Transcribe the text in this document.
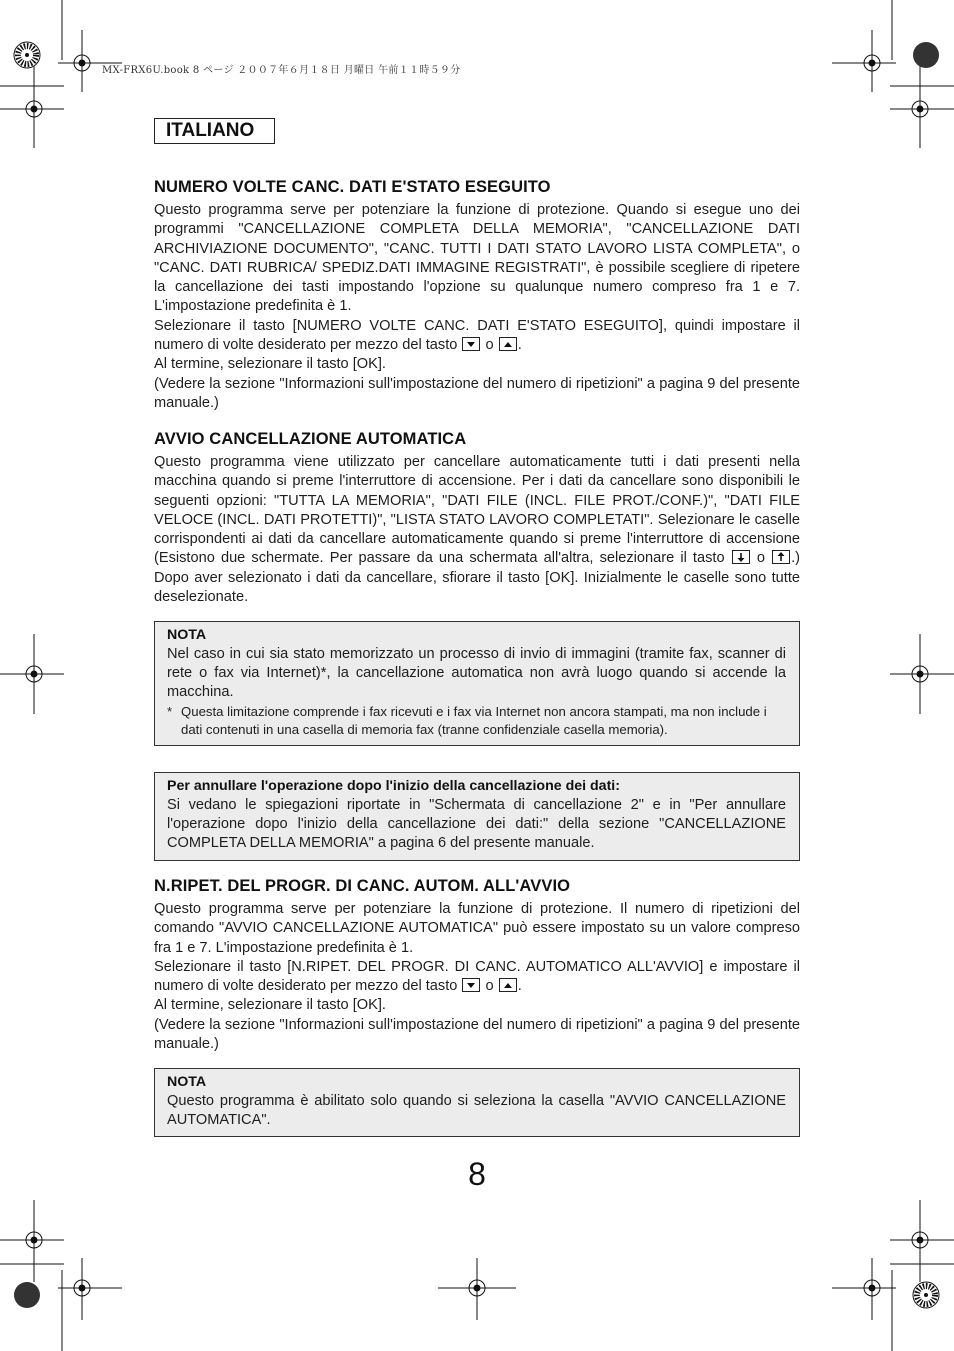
MX-FRX6U.book 8 ページ ２００７年６月１８日 月曜日 午前１１時５９分
ITALIANO
NUMERO VOLTE CANC. DATI E'STATO ESEGUITO

Questo programma serve per potenziare la funzione di protezione. Quando si esegue uno dei programmi "CANCELLAZIONE COMPLETA DELLA MEMORIA", "CANCELLAZIONE DATI ARCHIVIAZIONE DOCUMENTO", "CANC. TUTTI I DATI STATO LAVORO LISTA COMPLETA", o "CANC. DATI RUBRICA/ SPEDIZ.DATI IMMAGINE REGISTRATI", è possibile scegliere di ripetere la cancellazione dei tasti impostando l'opzione su qualunque numero compreso fra 1 e 7. L'impostazione predefinita è 1.

Selezionare il tasto [NUMERO VOLTE CANC. DATI E'STATO ESEGUITO], quindi impostare il numero di volte desiderato per mezzo del tasto o .

Al termine, selezionare il tasto [OK].

(Vedere la sezione "Informazioni sull'impostazione del numero di ripetizioni" a pagina 9 del presente manuale.)

AVVIO CANCELLAZIONE AUTOMATICA

Questo programma viene utilizzato per cancellare automaticamente tutti i dati presenti nella macchina quando si preme l'interruttore di accensione. Per i dati da cancellare sono disponibili le seguenti opzioni: "TUTTA LA MEMORIA", "DATI FILE (INCL. FILE PROT./CONF.)", "DATI FILE VELOCE (INCL. DATI PROTETTI)", "LISTA STATO LAVORO COMPLETATI". Selezionare le caselle corrispondenti ai dati da cancellare automaticamente quando si preme l'interruttore di accensione (Esistono due schermate. Per passare da una schermata all'altra, selezionare il tasto o .) Dopo aver selezionato i dati da cancellare, sfiorare il tasto [OK]. Inizialmente le caselle sono tutte deselezionate.

NOTA

Nel caso in cui sia stato memorizzato un processo di invio di immagini (tramite fax, scanner di rete o fax via Internet)*, la cancellazione automatica non avrà luogo quando si accende la macchina.

* Questa limitazione comprende i fax ricevuti e i fax via Internet non ancora stampati, ma non include i dati contenuti in una casella di memoria fax (tranne confidenziale casella memoria).
Per annullare l'operazione dopo l'inizio della cancellazione dei dati:

Si vedano le spiegazioni riportate in "Schermata di cancellazione 2" e in "Per annullare l'operazione dopo l'inizio della cancellazione dei dati:" della sezione "CANCELLAZIONE COMPLETA DELLA MEMORIA" a pagina 6 del presente manuale.

N.RIPET. DEL PROGR. DI CANC. AUTOM. ALL'AVVIO

Questo programma serve per potenziare la funzione di protezione. Il numero di ripetizioni del comando "AVVIO CANCELLAZIONE AUTOMATICA" può essere impostato su un valore compreso fra 1 e 7. L'impostazione predefinita è 1.

Selezionare il tasto [N.RIPET. DEL PROGR. DI CANC. AUTOMATICO ALL'AVVIO] e impostare il numero di volte desiderato per mezzo del tasto o .

Al termine, selezionare il tasto [OK].

(Vedere la sezione "Informazioni sull'impostazione del numero di ripetizioni" a pagina 9 del presente manuale.)

NOTA

Questo programma è abilitato solo quando si seleziona la casella "AVVIO CANCELLAZIONE AUTOMATICA".

8
